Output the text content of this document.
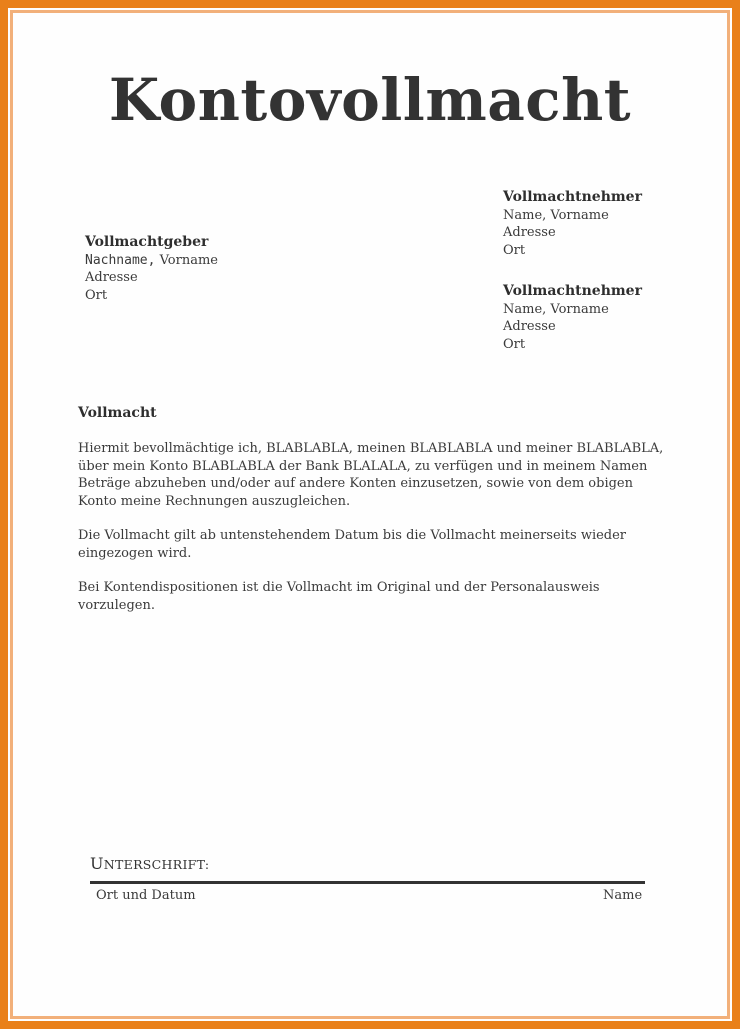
Kontovollmacht
Vollmachtgeber
Nachname, Vorname
Adresse
Ort
Vollmachtnehmer
Name, Vorname
Adresse
Ort
Vollmachtnehmer
Name, Vorname
Adresse
Ort
Vollmacht
Hiermit bevollmächtige ich, BLABLABLA, meinen BLABLABLA und meiner BLABLABLA,
über mein Konto BLABLABLA der Bank BLALALA, zu verfügen und in meinem Namen
Beträge abzuheben und/oder auf andere Konten einzusetzen, sowie von dem obigen
Konto meine Rechnungen auszugleichen.
Die Vollmacht gilt ab untenstehendem Datum bis die Vollmacht meinerseits wieder
eingezogen wird.
Bei Kontendispositionen ist die Vollmacht im Original und der Personalausweis
vorzulegen.
UNTERSCHRIFT:
Ort und Datum	Name
